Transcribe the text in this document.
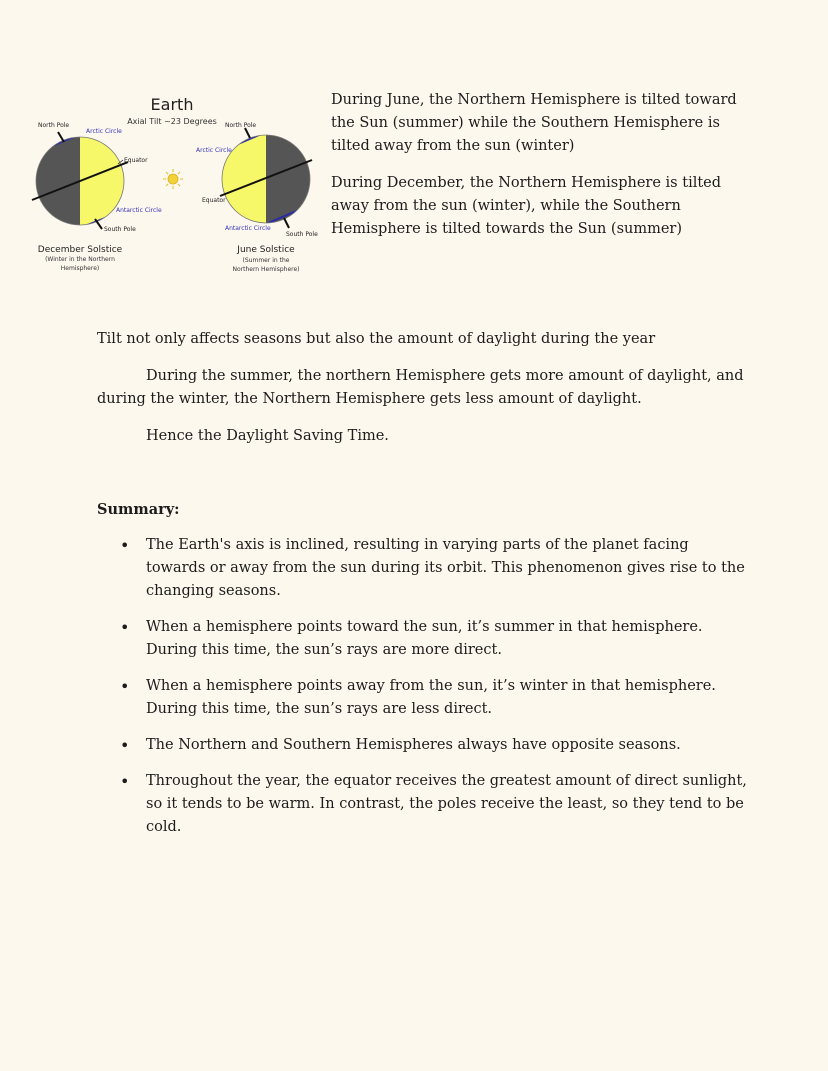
Earth
Axial Tilt ~23 Degrees
North Pole
Arctic Circle
Equator
Antarctic Circle
South Pole
December Solstice
(Winter in the Northern
Hemisphere)
North Pole
Arctic Circle
Equator
Antarctic Circle
South Pole
June Solstice
(Summer in the
Northern Hemisphere)

During June, the Northern Hemisphere is tilted toward the Sun (summer) while the Southern Hemisphere is tilted away from the sun (winter)

During December, the Northern Hemisphere is tilted away from the sun (winter), while the Southern Hemisphere is tilted towards the Sun (summer)

Tilt not only affects seasons but also the amount of daylight during the year

During the summer, the northern Hemisphere gets more amount of daylight, and during the winter, the Northern Hemisphere gets less amount of daylight.

Hence the Daylight Saving Time.

Summary:
• The Earth's axis is inclined, resulting in varying parts of the planet facing towards or away from the sun during its orbit. This phenomenon gives rise to the changing seasons.
• When a hemisphere points toward the sun, it’s summer in that hemisphere. During this time, the sun’s rays are more direct.
• When a hemisphere points away from the sun, it’s winter in that hemisphere. During this time, the sun’s rays are less direct.
• The Northern and Southern Hemispheres always have opposite seasons.
• Throughout the year, the equator receives the greatest amount of direct sunlight, so it tends to be warm. In contrast, the poles receive the least, so they tend to be cold.
